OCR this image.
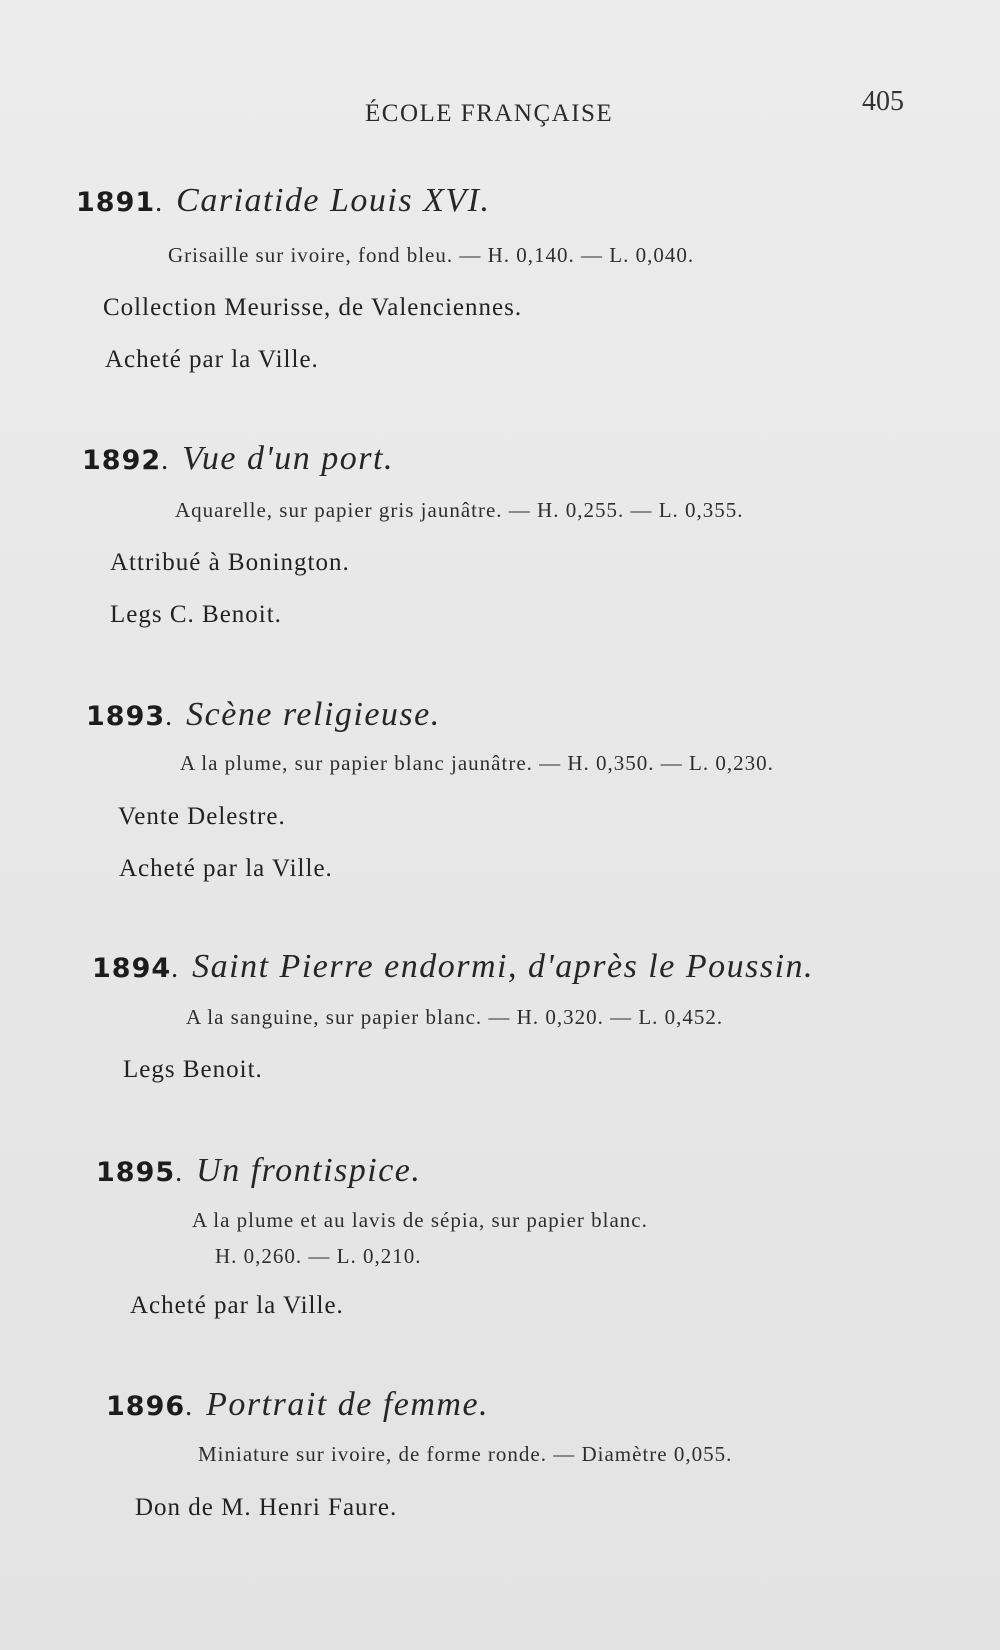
ÉCOLE FRANÇAISE	405
1891. Cariatide Louis XVI.
Grisaille sur ivoire, fond bleu. — H. 0,140. — L. 0,040.
Collection Meurisse, de Valenciennes.
Acheté par la Ville.
1892. Vue d'un port.
Aquarelle, sur papier gris jaunâtre. — H. 0,255. — L. 0,355.
Attribué à Bonington.
Legs C. Benoit.
1893. Scène religieuse.
A la plume, sur papier blanc jaunâtre. — H. 0,350. — L. 0,230.
Vente Delestre.
Acheté par la Ville.
1894. Saint Pierre endormi, d'après le Poussin.
A la sanguine, sur papier blanc. — H. 0,320. — L. 0,452.
Legs Benoit.
1895. Un frontispice.
A la plume et au lavis de sépia, sur papier blanc.
H. 0,260. — L. 0,210.
Acheté par la Ville.
1896. Portrait de femme.
Miniature sur ivoire, de forme ronde. — Diamètre 0,055.
Don de M. Henri Faure.
